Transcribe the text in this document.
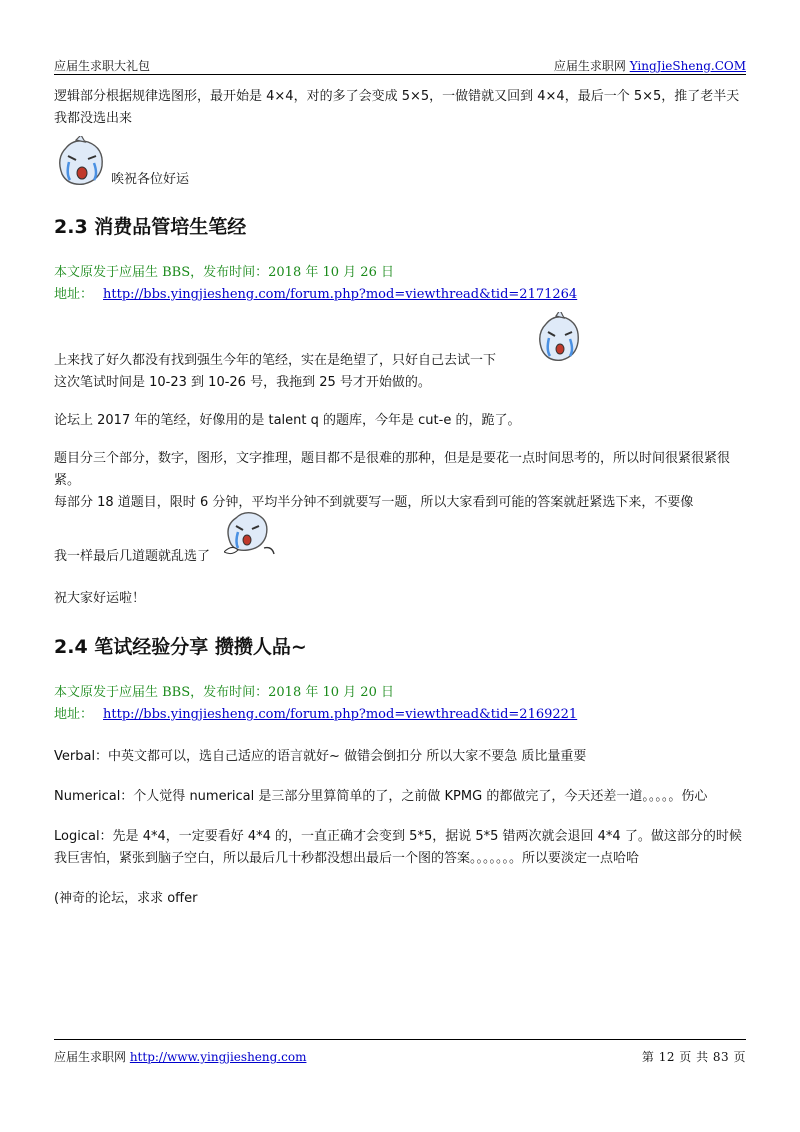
应届生求职大礼包	应届生求职网 YingJieSheng.COM

逻辑部分根据规律选图形，最开始是 4×4，对的多了会变成 5×5，一做错就又回到 4×4，最后一个 5×5，推了老半天我都没选出来

唉祝各位好运
2.3 消费品管培生笔经
本文原发于应届生 BBS，发布时间：2018 年 10 月 26 日
地址： http://bbs.yingjiesheng.com/forum.php?mod=viewthread&tid=2171264

上来找了好久都没有找到强生今年的笔经，实在是绝望了，只好自己去试一下

这次笔试时间是 10-23 到 10-26 号，我拖到 25 号才开始做的。

论坛上 2017 年的笔经，好像用的是 talent q 的题库，今年是 cut-e 的，跪了。

题目分三个部分，数字，图形，文字推理，题目都不是很难的那种，但是是要花一点时间思考的，所以时间很紧很紧很紧。

每部分 18 道题目，限时 6 分钟，平均半分钟不到就要写一题，所以大家看到可能的答案就赶紧选下来，不要像

我一样最后几道题就乱选了

祝大家好运啦！

2.4 笔试经验分享 攒攒人品~
本文原发于应届生 BBS，发布时间：2018 年 10 月 20 日
地址： http://bbs.yingjiesheng.com/forum.php?mod=viewthread&tid=2169221

Verbal：中英文都可以，选自己适应的语言就好~ 做错会倒扣分 所以大家不要急 质比量重要

Numerical：个人觉得 numerical 是三部分里算简单的了，之前做 KPMG 的都做完了，今天还差一道。。。。。伤心

Logical：先是 4*4，一定要看好 4*4 的，一直正确才会变到 5*5，据说 5*5 错两次就会退回 4*4 了。做这部分的时候我巨害怕，紧张到脑子空白，所以最后几十秒都没想出最后一个图的答案。。。。。。。所以要淡定一点哈哈

(神奇的论坛，求求 offer

应届生求职网 http://www.yingjiesheng.com	第 12 页 共 83 页
